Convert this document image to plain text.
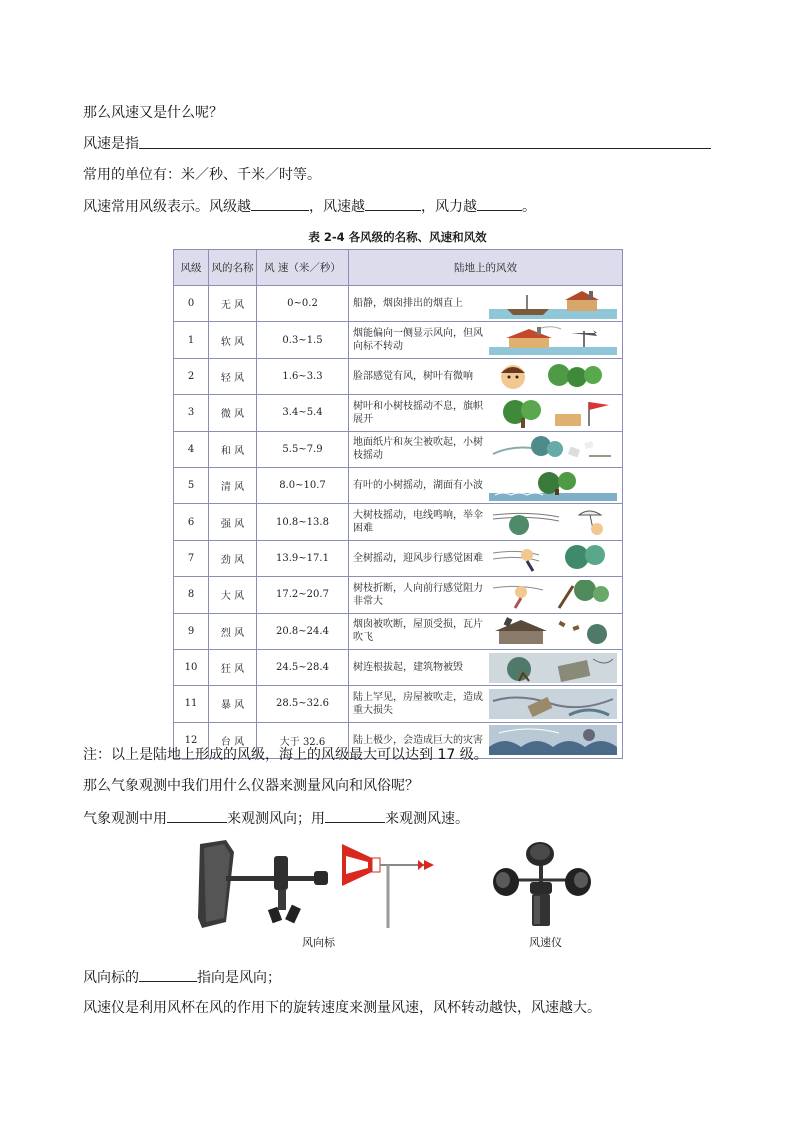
那么风速又是什么呢？
风速是指
常用的单位有：米／秒、千米／时等。
风速常用风级表示。风级越	，风速越	，风力越	。
表 2-4 各风级的名称、风速和风效
风级	风的名称	风 速（米／秒）	陆地上的风效	
0	无 风	0~0.2	船静，烟囱排出的烟直上	

1	软 风	0.3~1.5	烟能偏向一侧显示风向，但风向标不转动	

2	轻 风	1.6~3.3	脸部感觉有风，树叶有微响	

3	微 风	3.4~5.4	树叶和小树枝摇动不息，旗帜展开	

4	和 风	5.5~7.9	地面纸片和灰尘被吹起，小树枝摇动	

5	清 风	8.0~10.7	有叶的小树摇动，湖面有小波	

6	强 风	10.8~13.8	大树枝摇动，电线鸣响，举伞困难	

7	劲 风	13.9~17.1	全树摇动，迎风步行感觉困难	

8	大 风	17.2~20.7	树枝折断，人向前行感觉阻力非常大	

9	烈 风	20.8~24.4	烟囱被吹断，屋顶受损，瓦片吹飞	

10	狂 风	24.5~28.4	树连根拔起，建筑物被毁	

11	暴 风	28.5~32.6	陆上罕见，房屋被吹走，造成重大损失	

12	台 风	大于 32.6	陆上极少，会造成巨大的灾害	
注：以上是陆地上形成的风级，海上的风级最大可以达到 17 级。
那么气象观测中我们用什么仪器来测量风向和风俗呢？
气象观测中用	来观测风向；用	来观测风速。
风向标	风速仪
风向标的	指向是风向；
风速仪是利用风杯在风的作用下的旋转速度来测量风速，风杯转动越快，风速越大。
